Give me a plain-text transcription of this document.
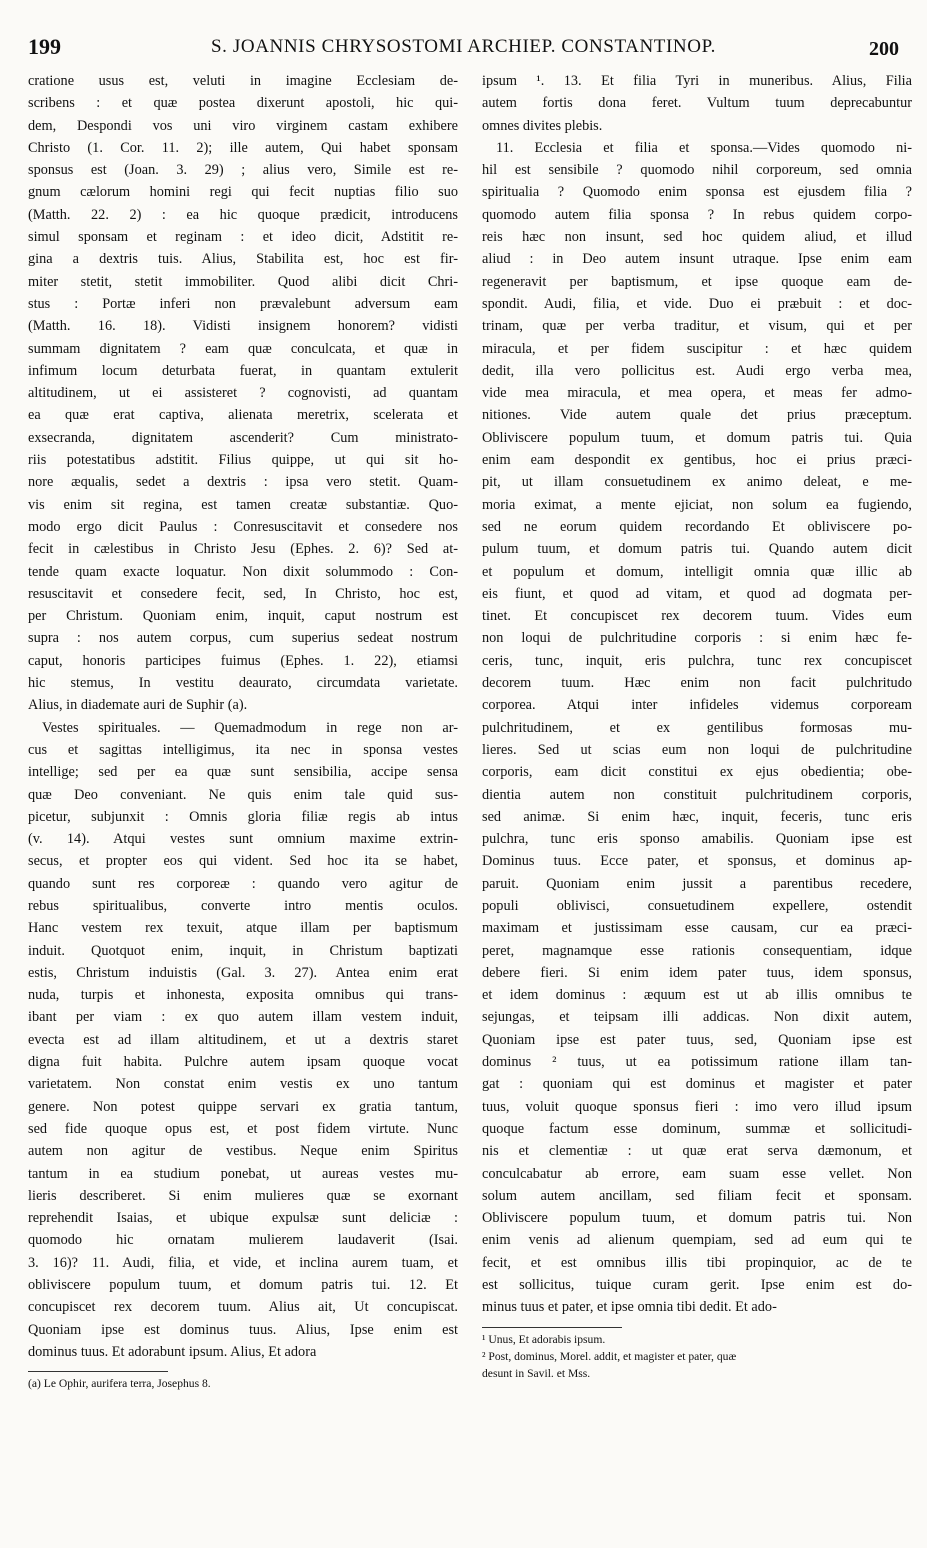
199	S. JOANNIS CHRYSOSTOMI ARCHIEP. CONSTANTINOP.	200
cratione usus est, veluti in imagine Ecclesiam de-
scribens : et quæ postea dixerunt apostoli, hic qui-
dem, Despondi vos uni viro virginem castam exhibere
Christo (1. Cor. 11. 2); ille autem, Qui habet sponsam
sponsus est (Joan. 3. 29) ; alius vero, Simile est re-
gnum cælorum homini regi qui fecit nuptias filio suo
(Matth. 22. 2) : ea hic quoque prædicit, introducens
simul sponsam et reginam : et ideo dicit, Adstitit re-
gina a dextris tuis. Alius, Stabilita est, hoc est fir-
miter stetit, stetit immobiliter. Quod alibi dicit Chri-
stus : Portæ inferi non prævalebunt adversum eam
(Matth. 16. 18). Vidisti insignem honorem? vidisti
summam dignitatem ? eam quæ conculcata, et quæ in
infimum locum deturbata fuerat, in quantam extulerit
altitudinem, ut ei assisteret ? cognovisti, ad quantam
ea quæ erat captiva, alienata meretrix, scelerata et
exsecranda, dignitatem ascenderit? Cum ministrato-
riis potestatibus adstitit. Filius quippe, ut qui sit ho-
nore æqualis, sedet a dextris : ipsa vero stetit. Quam-
vis enim sit regina, est tamen creatæ substantiæ. Quo-
modo ergo dicit Paulus : Conresuscitavit et consedere nos
fecit in cælestibus in Christo Jesu (Ephes. 2. 6)? Sed at-
tende quam exacte loquatur. Non dixit solummodo : Con-
resuscitavit et consedere fecit, sed, In Christo, hoc est,
per Christum. Quoniam enim, inquit, caput nostrum est
supra : nos autem corpus, cum superius sedeat nostrum
caput, honoris participes fuimus (Ephes. 1. 22), etiamsi
hic stemus, In vestitu deaurato, circumdata varietate.
Alius, in diademate auri de Suphir (a).
Vestes spirituales. — Quemadmodum in rege non ar-
cus et sagittas intelligimus, ita nec in sponsa vestes
intellige; sed per ea quæ sunt sensibilia, accipe sensa
quæ Deo conveniant. Ne quis enim tale quid sus-
picetur, subjunxit : Omnis gloria filiæ regis ab intus
(v. 14). Atqui vestes sunt omnium maxime extrin-
secus, et propter eos qui vident. Sed hoc ita se habet,
quando sunt res corporeæ : quando vero agitur de
rebus spiritualibus, converte intro mentis oculos.
Hanc vestem rex texuit, atque illam per baptismum
induit. Quotquot enim, inquit, in Christum baptizati
estis, Christum induistis (Gal. 3. 27). Antea enim erat
nuda, turpis et inhonesta, exposita omnibus qui trans-
ibant per viam : ex quo autem illam vestem induit,
evecta est ad illam altitudinem, et ut a dextris staret
digna fuit habita. Pulchre autem ipsam quoque vocat
varietatem. Non constat enim vestis ex uno tantum
genere. Non potest quippe servari ex gratia tantum,
sed fide quoque opus est, et post fidem virtute. Nunc
autem non agitur de vestibus. Neque enim Spiritus
tantum in ea studium ponebat, ut aureas vestes mu-
lieris describeret. Si enim mulieres quæ se exornant
reprehendit Isaias, et ubique expulsæ sunt deliciæ :
quomodo hic ornatam mulierem laudaverit (Isai.
3. 16)? 11. Audi, filia, et vide, et inclina aurem tuam, et
obliviscere populum tuum, et domum patris tui. 12. Et
concupiscet rex decorem tuum. Alius ait, Ut concupiscat.
Quoniam ipse est dominus tuus. Alius, Ipse enim est
dominus tuus. Et adorabunt ipsum. Alius, Et adora
(a) Le Ophir, aurifera terra, Josephus 8.
ipsum ¹. 13. Et filia Tyri in muneribus. Alius, Filia
autem fortis dona feret. Vultum tuum deprecabuntur
omnes divites plebis.
11. Ecclesia et filia et sponsa.—Vides quomodo ni-
hil est sensibile ? quomodo nihil corporeum, sed omnia
spiritualia ? Quomodo enim sponsa est ejusdem filia ?
quomodo autem filia sponsa ? In rebus quidem corpo-
reis hæc non insunt, sed hoc quidem aliud, et illud
aliud : in Deo autem insunt utraque. Ipse enim eam
regeneravit per baptismum, et ipse quoque eam de-
spondit. Audi, filia, et vide. Duo ei præbuit : et doc-
trinam, quæ per verba traditur, et visum, qui et per
miracula, et per fidem suscipitur : et hæc quidem
dedit, illa vero pollicitus est. Audi ergo verba mea,
vide mea miracula, et mea opera, et meas fer admo-
nitiones. Vide autem quale det prius præceptum.
Obliviscere populum tuum, et domum patris tui. Quia
enim eam despondit ex gentibus, hoc ei prius præci-
pit, ut illam consuetudinem ex animo deleat, e me-
moria eximat, a mente ejiciat, non solum ea fugiendo,
sed ne eorum quidem recordando Et obliviscere po-
pulum tuum, et domum patris tui. Quando autem dicit
et populum et domum, intelligit omnia quæ illic ab
eis fiunt, et quod ad vitam, et quod ad dogmata per-
tinet. Et concupiscet rex decorem tuum. Vides eum
non loqui de pulchritudine corporis : si enim hæc fe-
ceris, tunc, inquit, eris pulchra, tunc rex concupiscet
decorem tuum. Hæc enim non facit pulchritudo
corporea. Atqui inter infideles videmus corpoream
pulchritudinem, et ex gentilibus formosas mu-
lieres. Sed ut scias eum non loqui de pulchritudine
corporis, eam dicit constitui ex ejus obedientia; obe-
dientia autem non constituit pulchritudinem corporis,
sed animæ. Si enim hæc, inquit, feceris, tunc eris
pulchra, tunc eris sponso amabilis. Quoniam ipse est
Dominus tuus. Ecce pater, et sponsus, et dominus ap-
paruit. Quoniam enim jussit a parentibus recedere,
populi oblivisci, consuetudinem expellere, ostendit
maximam et justissimam esse causam, cur ea præci-
peret, magnamque esse rationis consequentiam, idque
debere fieri. Si enim idem pater tuus, idem sponsus,
et idem dominus : æquum est ut ab illis omnibus te
sejungas, et teipsam illi addicas. Non dixit autem,
Quoniam ipse est pater tuus, sed, Quoniam ipse est
dominus ² tuus, ut ea potissimum ratione illam tan-
gat : quoniam qui est dominus et magister et pater
tuus, voluit quoque sponsus fieri : imo vero illud ipsum
quoque factum esse dominum, summæ et sollicitudi-
nis et clementiæ : ut quæ erat serva dæmonum, et
conculcabatur ab errore, eam suam esse vellet. Non
solum autem ancillam, sed filiam fecit et sponsam.
Obliviscere populum tuum, et domum patris tui. Non
enim venis ad alienum quempiam, sed ad eum qui te
fecit, et est omnibus illis tibi propinquior, ac de te
est sollicitus, tuique curam gerit. Ipse enim est do-
minus tuus et pater, et ipse omnia tibi dedit. Et ado-
¹ Unus, Et adorabis ipsum.
² Post, dominus, Morel. addit, et magister et pater, quæ
desunt in Savil. et Mss.
